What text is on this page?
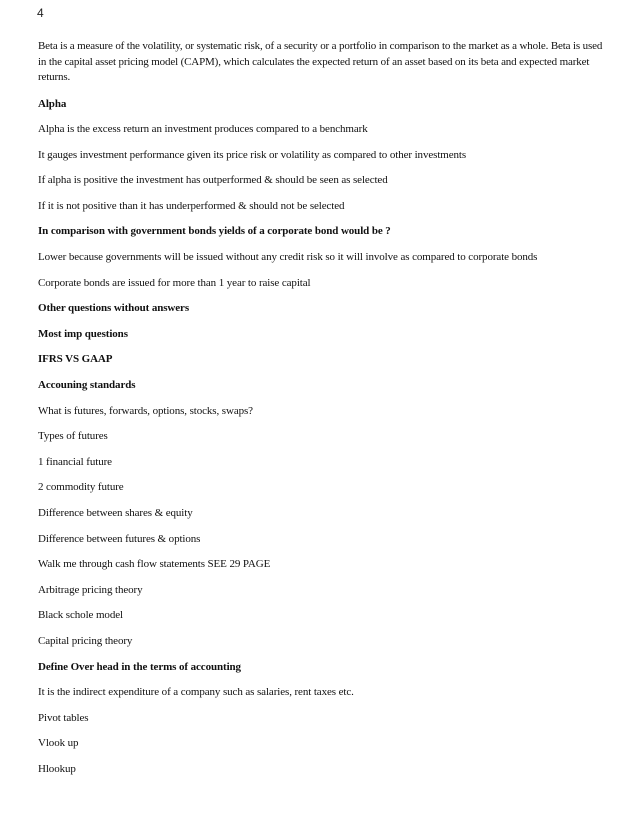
4

Beta is a measure of the volatility, or systematic risk, of a security or a portfolio in comparison to the market as a whole. Beta is used in the capital asset pricing model (CAPM), which calculates the expected return of an asset based on its beta and expected market returns.

Alpha

Alpha is the excess return an investment produces compared to a benchmark

It gauges investment performance given its price risk or volatility as compared to other investments

If alpha is positive the investment has outperformed & should be seen as selected

If it is not positive than it has underperformed & should not be selected

In comparison with government bonds yields of a corporate bond would be ?

Lower because governments will be issued without any credit risk so it will involve as compared to corporate bonds

Corporate bonds are issued for more than 1 year to raise capital

Other questions without answers

Most imp questions

IFRS VS GAAP

Accouning standards

What is futures, forwards, options, stocks, swaps?

Types of futures

1 financial future

2 commodity future

Difference between shares & equity

Difference between futures & options

Walk me through cash flow statements SEE 29 PAGE

Arbitrage pricing theory

Black schole model

Capital pricing theory

Define Over head in the terms of accounting

It is the indirect expenditure of a company such as salaries, rent taxes etc.

Pivot tables

Vlook up

Hlookup
